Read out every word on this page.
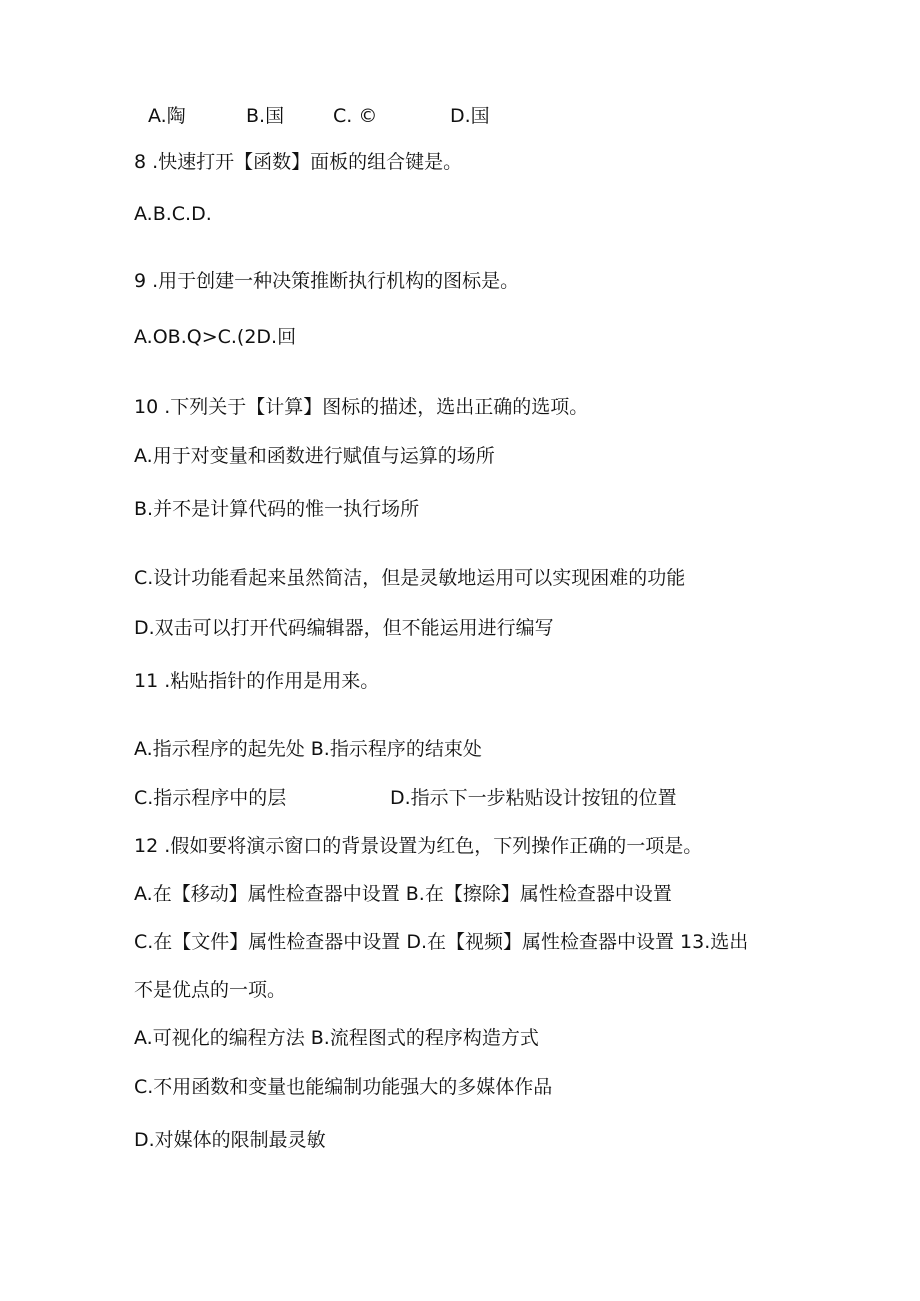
A.陶	B.国	C. ©	D.国
8 .快速打开【函数】面板的组合键是。
A.B.C.D.
9 .用于创建一种决策推断执行机构的图标是。
A.OB.Q>C.(2D.回
10 .下列关于【计算】图标的描述，选出正确的选项。
A.用于对变量和函数进行赋值与运算的场所
B.并不是计算代码的惟一执行场所
C.设计功能看起来虽然简洁，但是灵敏地运用可以实现困难的功能
D.双击可以打开代码编辑器，但不能运用进行编写
11 .粘贴指针的作用是用来。
A.指示程序的起先处 B.指示程序的结束处
C.指示程序中的层	D.指示下一步粘贴设计按钮的位置
12 .假如要将演示窗口的背景设置为红色，下列操作正确的一项是。
A.在【移动】属性检查器中设置 B.在【擦除】属性检查器中设置
C.在【文件】属性检查器中设置 D.在【视频】属性检查器中设置 13.选出
不是优点的一项。
A.可视化的编程方法 B.流程图式的程序构造方式
C.不用函数和变量也能编制功能强大的多媒体作品
D.对媒体的限制最灵敏
